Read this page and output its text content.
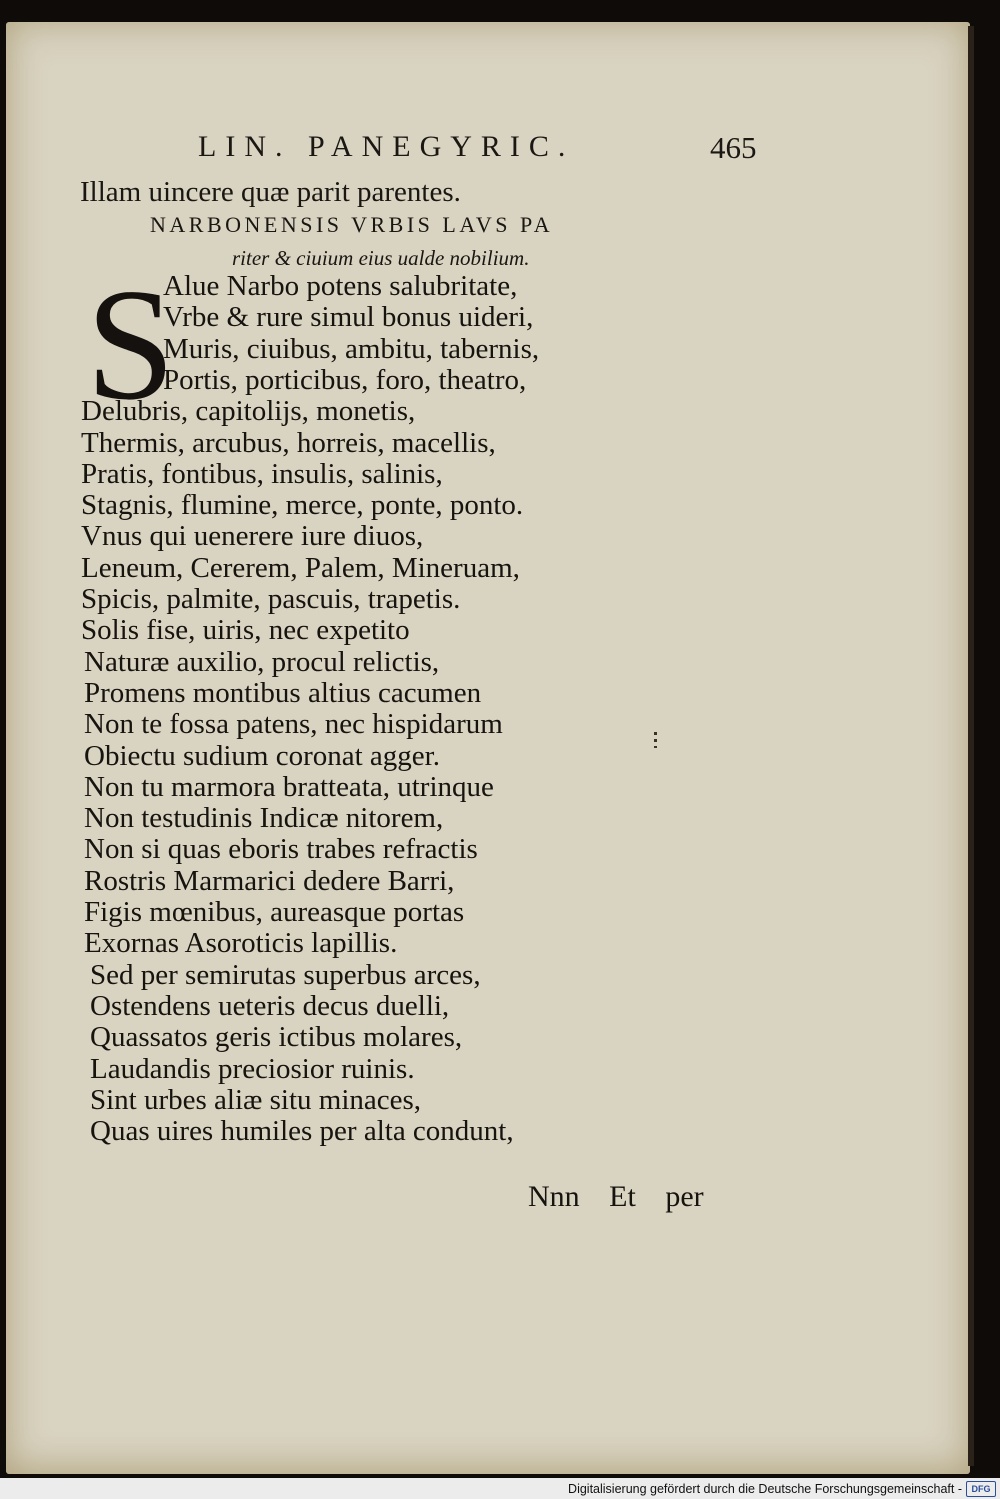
LIN. PANEGYRIC.	465
Illam uincere quæ parit parentes.
NARBONENSIS VRBIS LAVS PA
riter & ciuium eius ualde nobilium.
S
Alue Narbo potens salubritate,
Vrbe & rure simul bonus uideri,
Muris, ciuibus, ambitu, tabernis,
Portis, porticibus, foro, theatro,
Delubris, capitolijs, monetis,
Thermis, arcubus, horreis, macellis,
Pratis, fontibus, insulis, salinis,
Stagnis, flumine, merce, ponte, ponto.
Vnus qui uenerere iure diuos,
Leneum, Cererem, Palem, Mineruam,
Spicis, palmite, pascuis, trapetis.
Solis fise, uiris, nec expetito
Naturæ auxilio, procul relictis,
Promens montibus altius cacumen
Non te fossa patens, nec hispidarum
Obiectu sudium coronat agger.
Non tu marmora bratteata, utrinque
Non testudinis Indicæ nitorem,
Non si quas eboris trabes refractis
Rostris Marmarici dedere Barri,
Figis mœnibus, aureasque portas
Exornas Asoroticis lapillis.
Sed per semirutas superbus arces,
Ostendens ueteris decus duelli,
Quassatos geris ictibus molares,
Laudandis preciosior ruinis.
Sint urbes aliæ situ minaces,
Quas uires humiles per alta condunt,
Nnn Et per
Digitalisierung gefördert durch die Deutsche Forschungsgemeinschaft -	DFG
